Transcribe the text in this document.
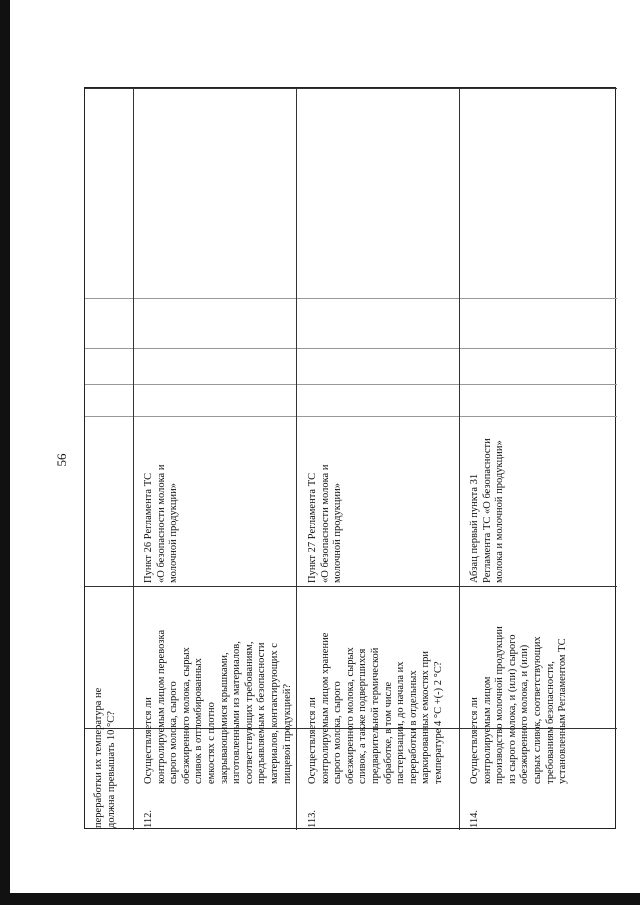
56
переработки их температура не
должна превышать 10 °С?
112.
Осуществляется ли
контролируемым лицом перевозка
сырого молока, сырого
обезжиренного молока, сырых
сливок в отгломбированных
емкостях с плотно
закрывающимися крышками,
изготовленными из материалов,
соответствующих требованиям,
предъявляемым к безопасности
материалов, контактирующих с
пищевой продукцией?
Пункт 26 Регламента ТС
«О безопасности молока и
молочной продукции»
113.
Осуществляется ли
контролируемым лицом хранение
сырого молока, сырого
обезжиренного молока, сырых
сливок, а также подвергшихся
предварительной термической
обработке, в том числе
пастеризации, до начала их
переработки в отдельных
маркированных емкостях при
температуре 4 °С +(-) 2 °С?
Пункт 27 Регламента ТС
«О безопасности молока и
молочной продукции»
114.
Осуществляется ли
контролируемым лицом
производство молочной продукции
из сырого молока, и (или) сырого
обезжиренного молока, и (или)
сырых сливок, соответствующих
требованиям безопасности,
установленным Регламентом ТС
Абзац первый пункта 31
Регламента ТС «О безопасности
молока и молочной продукции»
